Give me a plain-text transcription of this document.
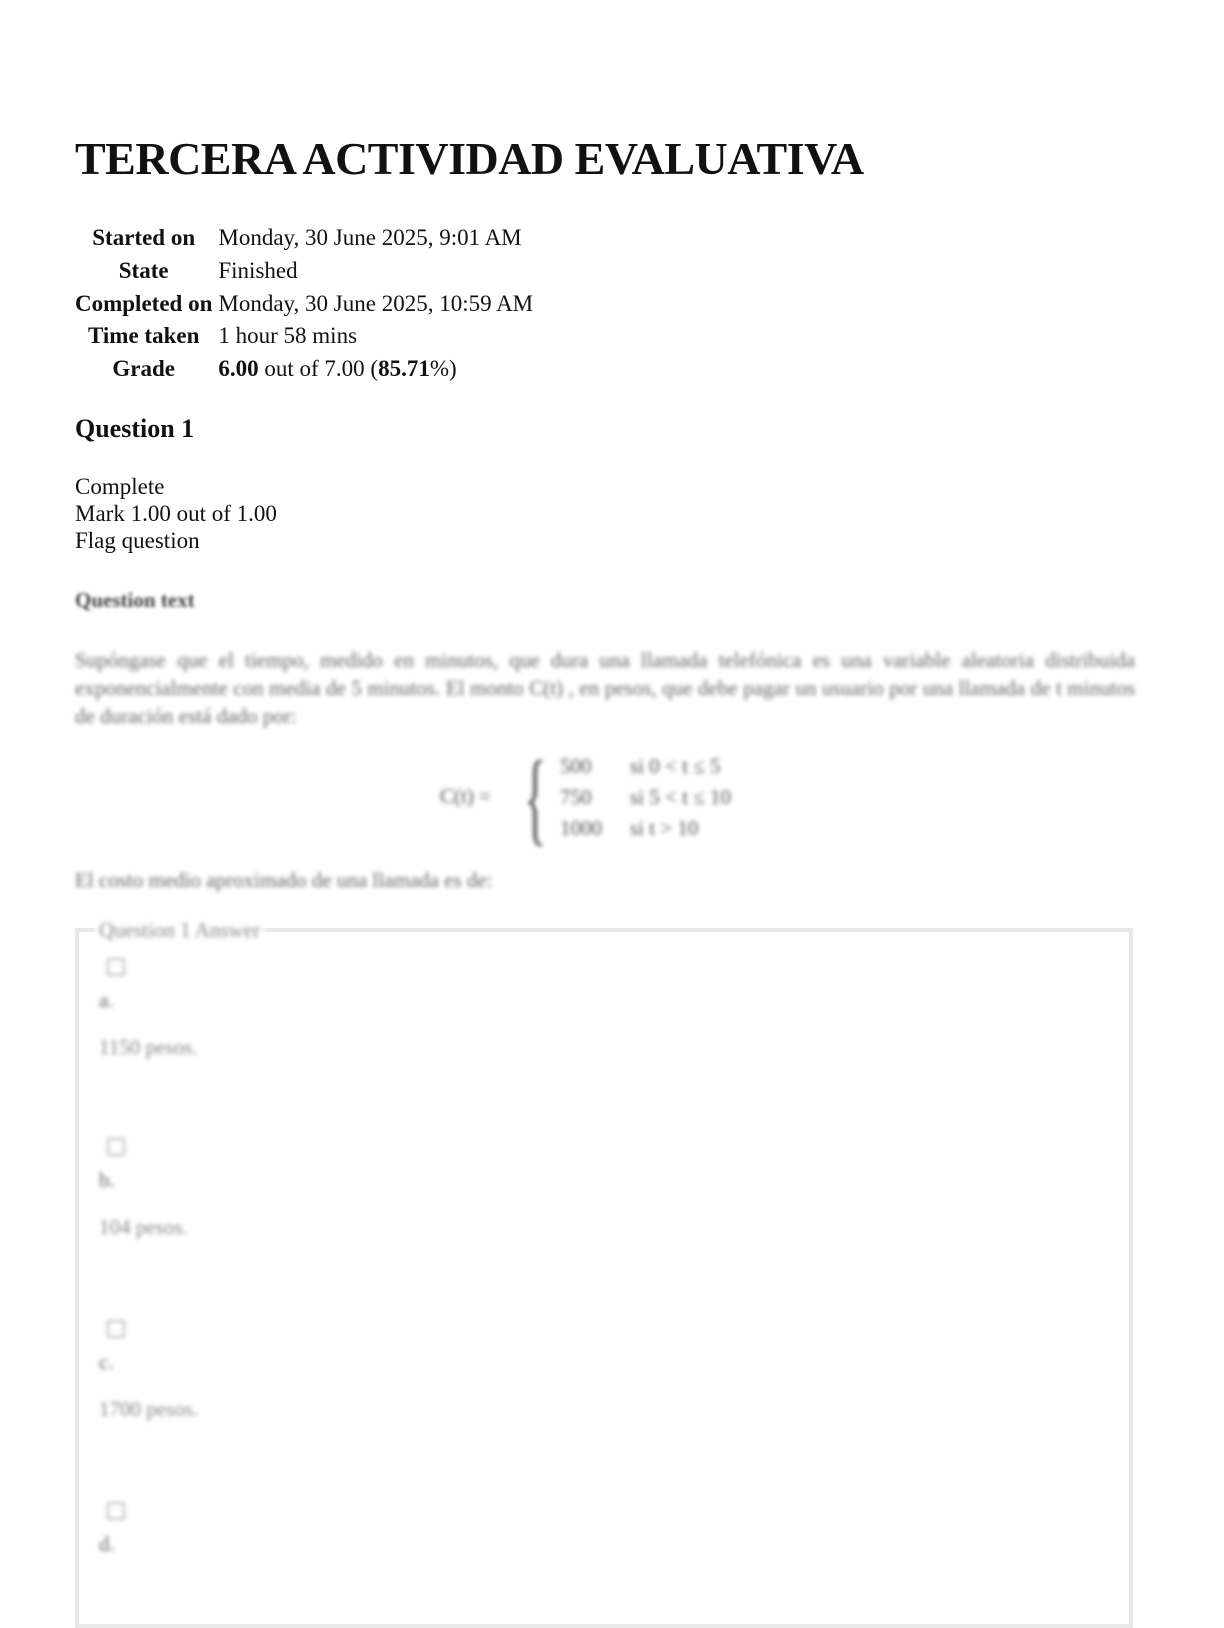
TERCERA ACTIVIDAD EVALUATIVA
Started on	Monday, 30 June 2025, 9:01 AM
State	Finished
Completed on	Monday, 30 June 2025, 10:59 AM
Time taken	1 hour 58 mins
Grade	6.00 out of 7.00 (85.71%)
Question 1
Complete
Mark 1.00 out of 1.00
Flag question
Question text
Supóngase que el tiempo, medido en minutos, que dura una llamada telefónica es una variable aleatoria distribuida exponencialmente con media de 5 minutos. El monto C(t) , en pesos, que debe pagar un usuario por una llamada de t minutos de duración está dado por:
C(t) = { 500 si 0 < t ≤ 5
750 si 5 < t ≤ 10
1000 si t > 10
El costo medio aproximado de una llamada es de:
Question 1 Answer
a.
1150 pesos.
b.
104 pesos.
c.
1700 pesos.
d.
